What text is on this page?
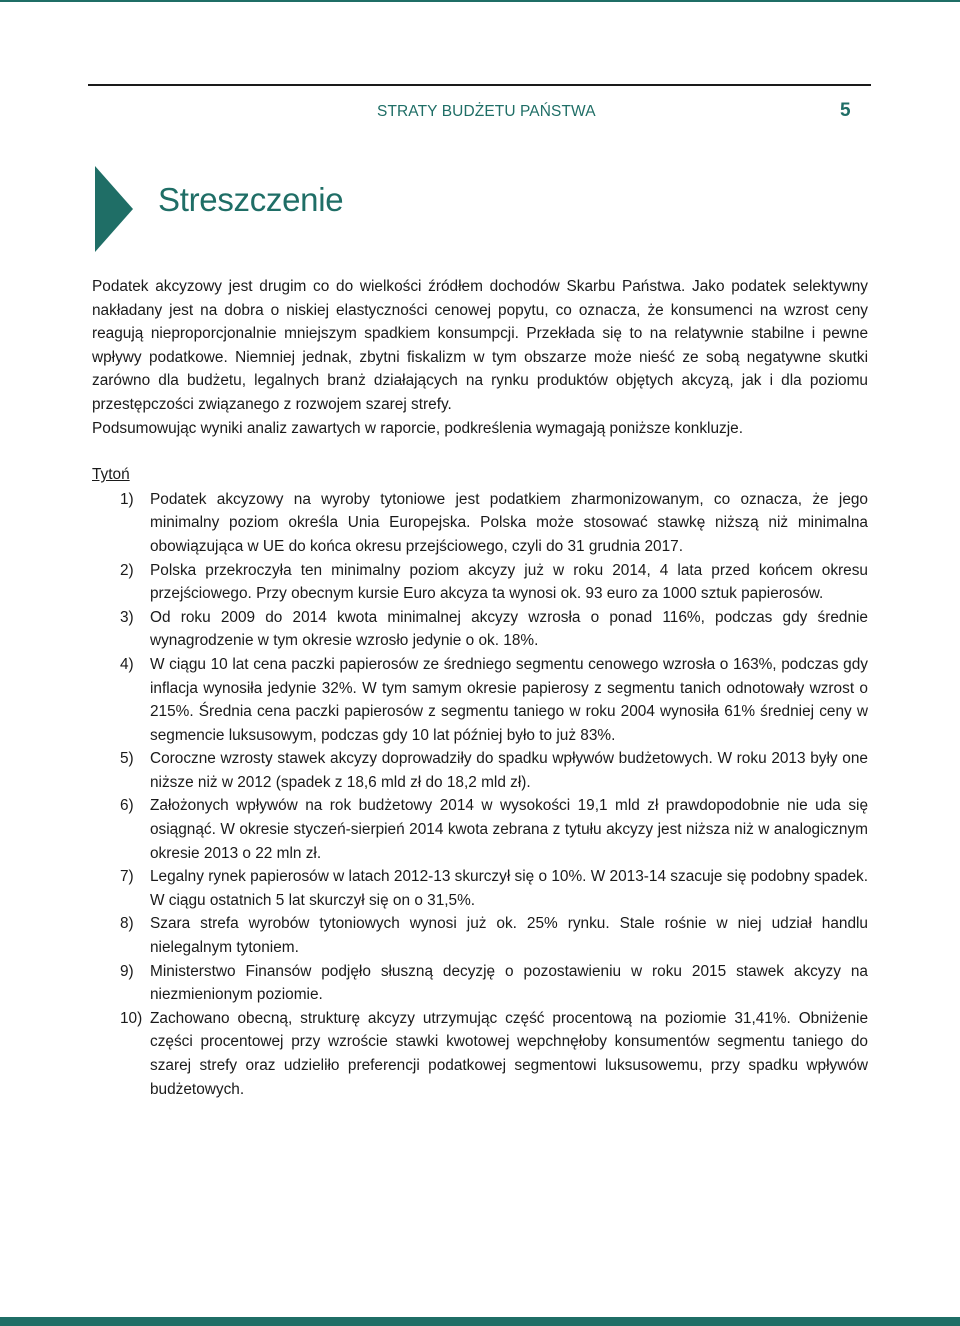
STRATY BUDŻETU PAŃSTWA	5
Streszczenie

Podatek akcyzowy jest drugim co do wielkości źródłem dochodów Skarbu Państwa. Jako podatek selektywny nakładany jest na dobra o niskiej elastyczności cenowej popytu, co oznacza, że konsumenci na wzrost ceny reagują nieproporcjonalnie mniejszym spadkiem konsumpcji. Przekłada się to na relatywnie stabilne i pewne wpływy podatkowe. Niemniej jednak, zbytni fiskalizm w tym obszarze może nieść ze sobą negatywne skutki zarówno dla budżetu, legalnych branż działających na rynku produktów objętych akcyzą, jak i dla poziomu przestępczości związanego z rozwojem szarej strefy.

Podsumowując wyniki analiz zawartych w raporcie, podkreślenia wymagają poniższe konkluzje.

Tytoń
1) Podatek akcyzowy na wyroby tytoniowe jest podatkiem zharmonizowanym, co oznacza, że jego minimalny poziom określa Unia Europejska. Polska może stosować stawkę niższą niż minimalna obowiązująca w UE do końca okresu przejściowego, czyli do 31 grudnia 2017.
2) Polska przekroczyła ten minimalny poziom akcyzy już w roku 2014, 4 lata przed końcem okresu przejściowego. Przy obecnym kursie Euro akcyza ta wynosi ok. 93 euro za 1000 sztuk papierosów.
3) Od roku 2009 do 2014 kwota minimalnej akcyzy wzrosła o ponad 116%, podczas gdy średnie wynagrodzenie w tym okresie wzrosło jedynie o ok. 18%.
4) W ciągu 10 lat cena paczki papierosów ze średniego segmentu cenowego wzrosła o 163%, podczas gdy inflacja wynosiła jedynie 32%. W tym samym okresie papierosy z segmentu tanich odnotowały wzrost o 215%. Średnia cena paczki papierosów z segmentu taniego w roku 2004 wynosiła 61% średniej ceny w segmencie luksusowym, podczas gdy 10 lat później było to już 83%.
5) Coroczne wzrosty stawek akcyzy doprowadziły do spadku wpływów budżetowych. W roku 2013 były one niższe niż w 2012 (spadek z 18,6 mld zł do 18,2 mld zł).
6) Założonych wpływów na rok budżetowy 2014 w wysokości 19,1 mld zł prawdopodobnie nie uda się osiągnąć. W okresie styczeń-sierpień 2014 kwota zebrana z tytułu akcyzy jest niższa niż w analogicznym okresie 2013 o 22 mln zł.
7) Legalny rynek papierosów w latach 2012-13 skurczył się o 10%. W 2013-14 szacuje się podobny spadek. W ciągu ostatnich 5 lat skurczył się on o 31,5%.
8) Szara strefa wyrobów tytoniowych wynosi już ok. 25% rynku. Stale rośnie w niej udział handlu nielegalnym tytoniem.
9) Ministerstwo Finansów podjęło słuszną decyzję o pozostawieniu w roku 2015 stawek akcyzy na niezmienionym poziomie.
10) Zachowano obecną, strukturę akcyzy utrzymując część procentową na poziomie 31,41%. Obniżenie części procentowej przy wzroście stawki kwotowej wepchnęłoby konsumentów segmentu taniego do szarej strefy oraz udzieliło preferencji podatkowej segmentowi luksusowemu, przy spadku wpływów budżetowych.
